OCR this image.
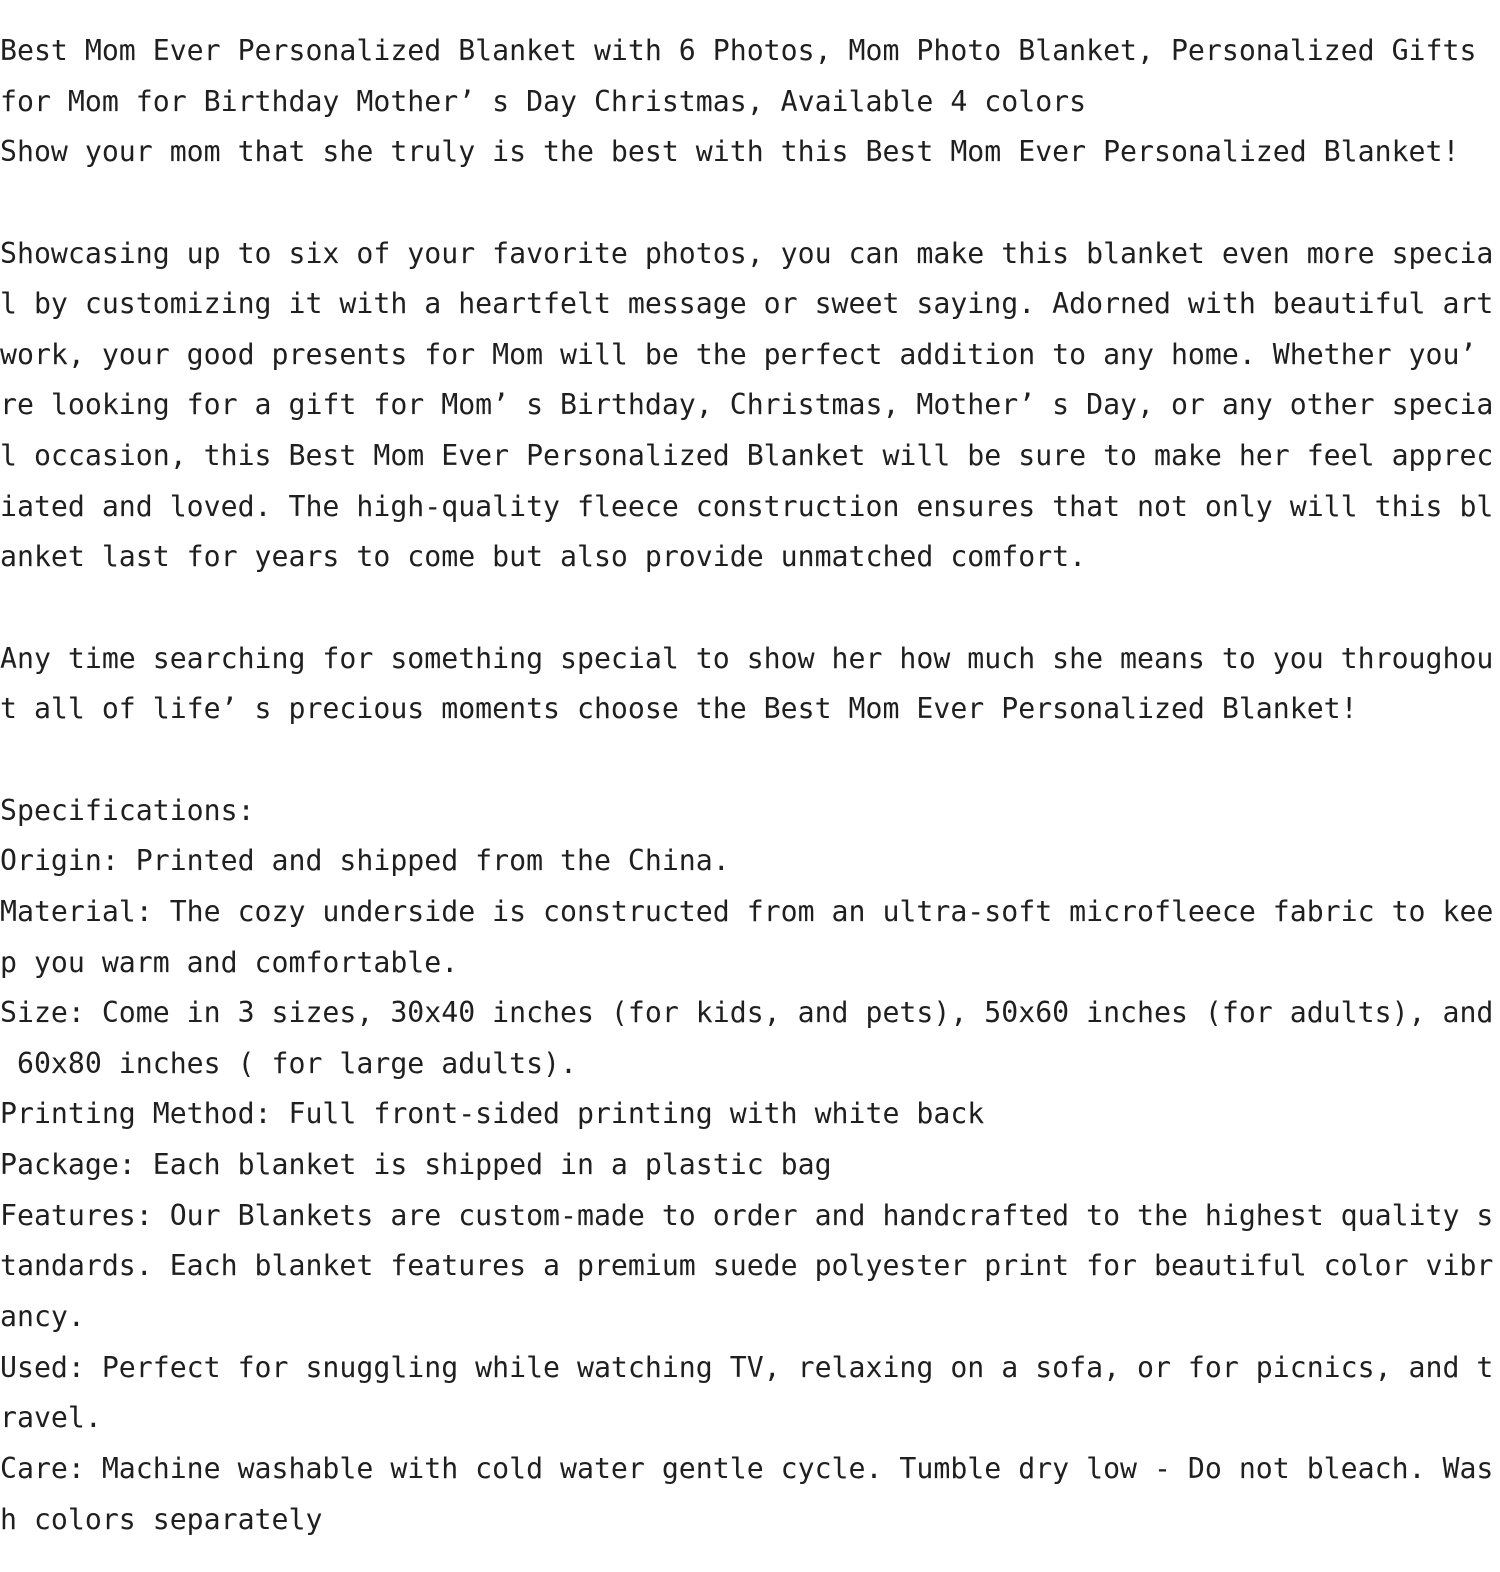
Best Mom Ever Personalized Blanket with 6 Photos, Mom Photo Blanket, Personalized Gifts
for Mom for Birthday Mother’ s Day Christmas, Available 4 colors
Show your mom that she truly is the best with this Best Mom Ever Personalized Blanket!
Showcasing up to six of your favorite photos, you can make this blanket even more specia
l by customizing it with a heartfelt message or sweet saying. Adorned with beautiful art
work, your good presents for Mom will be the perfect addition to any home. Whether you’
re looking for a gift for Mom’ s Birthday, Christmas, Mother’ s Day, or any other specia
l occasion, this Best Mom Ever Personalized Blanket will be sure to make her feel apprec
iated and loved. The high-quality fleece construction ensures that not only will this bl
anket last for years to come but also provide unmatched comfort.
Any time searching for something special to show her how much she means to you throughou
t all of life’ s precious moments choose the Best Mom Ever Personalized Blanket!
Specifications:
Origin: Printed and shipped from the China.
Material: The cozy underside is constructed from an ultra-soft microfleece fabric to kee
p you warm and comfortable.
Size: Come in 3 sizes, 30x40 inches (for kids, and pets), 50x60 inches (for adults), and
60x80 inches ( for large adults).
Printing Method: Full front-sided printing with white back
Package: Each blanket is shipped in a plastic bag
Features: Our Blankets are custom-made to order and handcrafted to the highest quality s
tandards. Each blanket features a premium suede polyester print for beautiful color vibr
ancy.
Used: Perfect for snuggling while watching TV, relaxing on a sofa, or for picnics, and t
ravel.
Care: Machine washable with cold water gentle cycle. Tumble dry low - Do not bleach. Was
h colors separately
